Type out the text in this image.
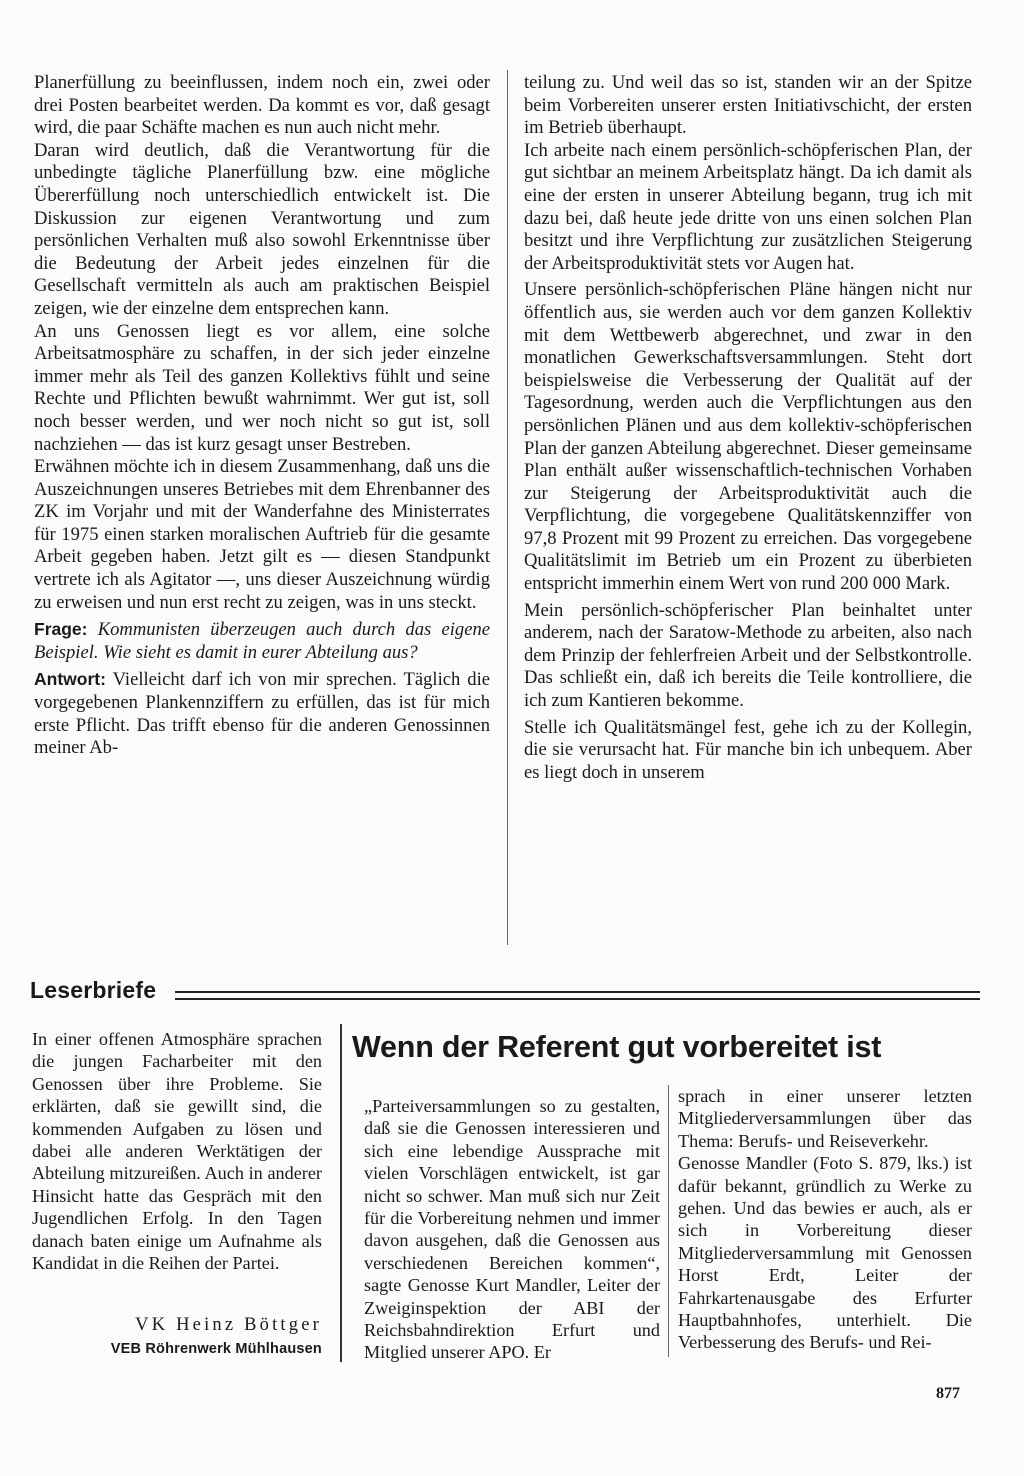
Planerfüllung zu beeinflussen, indem noch ein, zwei oder drei Posten bearbeitet werden. Da kommt es vor, daß gesagt wird, die paar Schäfte machen es nun auch nicht mehr.

Daran wird deutlich, daß die Verantwortung für die unbedingte tägliche Planerfüllung bzw. eine mögliche Übererfüllung noch unterschiedlich entwickelt ist. Die Diskussion zur eigenen Verantwortung und zum persönlichen Verhalten muß also sowohl Erkenntnisse über die Bedeutung der Arbeit jedes einzelnen für die Gesellschaft vermitteln als auch am praktischen Beispiel zeigen, wie der einzelne dem entsprechen kann.

An uns Genossen liegt es vor allem, eine solche Arbeitsatmosphäre zu schaffen, in der sich jeder einzelne immer mehr als Teil des ganzen Kollektivs fühlt und seine Rechte und Pflichten bewußt wahrnimmt. Wer gut ist, soll noch besser werden, und wer noch nicht so gut ist, soll nachziehen — das ist kurz gesagt unser Bestreben.

Erwähnen möchte ich in diesem Zusammenhang, daß uns die Auszeichnungen unseres Betriebes mit dem Ehrenbanner des ZK im Vorjahr und mit der Wanderfahne des Ministerrates für 1975 einen starken moralischen Auftrieb für die gesamte Arbeit gegeben haben. Jetzt gilt es — diesen Standpunkt vertrete ich als Agitator —, uns dieser Auszeichnung würdig zu erweisen und nun erst recht zu zeigen, was in uns steckt.

Frage: Kommunisten überzeugen auch durch das eigene Beispiel. Wie sieht es damit in eurer Abteilung aus?

Antwort: Vielleicht darf ich von mir sprechen. Täglich die vorgegebenen Plankennziffern zu erfüllen, das ist für mich erste Pflicht. Das trifft ebenso für die anderen Genossinnen meiner Ab-

teilung zu. Und weil das so ist, standen wir an der Spitze beim Vorbereiten unserer ersten Initiativschicht, der ersten im Betrieb überhaupt.

Ich arbeite nach einem persönlich-schöpferischen Plan, der gut sichtbar an meinem Arbeitsplatz hängt. Da ich damit als eine der ersten in unserer Abteilung begann, trug ich mit dazu bei, daß heute jede dritte von uns einen solchen Plan besitzt und ihre Verpflichtung zur zusätzlichen Steigerung der Arbeitsproduktivität stets vor Augen hat.

Unsere persönlich-schöpferischen Pläne hängen nicht nur öffentlich aus, sie werden auch vor dem ganzen Kollektiv mit dem Wettbewerb abgerechnet, und zwar in den monatlichen Gewerkschaftsversammlungen. Steht dort beispielsweise die Verbesserung der Qualität auf der Tagesordnung, werden auch die Verpflichtungen aus den persönlichen Plänen und aus dem kollektiv-schöpferischen Plan der ganzen Abteilung abgerechnet. Dieser gemeinsame Plan enthält außer wissenschaftlich-technischen Vorhaben zur Steigerung der Arbeitsproduktivität auch die Verpflichtung, die vorgegebene Qualitätskennziffer von 97,8 Prozent mit 99 Prozent zu erreichen. Das vorgegebene Qualitätslimit im Betrieb um ein Prozent zu überbieten entspricht immerhin einem Wert von rund 200 000 Mark.

Mein persönlich-schöpferischer Plan beinhaltet unter anderem, nach der Saratow-Methode zu arbeiten, also nach dem Prinzip der fehlerfreien Arbeit und der Selbstkontrolle. Das schließt ein, daß ich bereits die Teile kontrolliere, die ich zum Kantieren bekomme.

Stelle ich Qualitätsmängel fest, gehe ich zu der Kollegin, die sie verursacht hat. Für manche bin ich unbequem. Aber es liegt doch in unserem

Leserbriefe

In einer offenen Atmosphäre sprachen die jungen Facharbeiter mit den Genossen über ihre Probleme. Sie erklärten, daß sie gewillt sind, die kommenden Aufgaben zu lösen und dabei alle anderen Werktätigen der Abteilung mitzureißen. Auch in anderer Hinsicht hatte das Gespräch mit den Jugendlichen Erfolg. In den Tagen danach baten einige um Aufnahme als Kandidat in die Reihen der Partei.

VK Heinz Böttger
VEB Röhrenwerk Mühlhausen
Wenn der Referent gut vorbereitet ist

„Parteiversammlungen so zu gestalten, daß sie die Genossen interessieren und sich eine lebendige Aussprache mit vielen Vorschlägen entwickelt, ist gar nicht so schwer. Man muß sich nur Zeit für die Vorbereitung nehmen und immer davon ausgehen, daß die Genossen aus verschiedenen Bereichen kommen“, sagte Genosse Kurt Mandler, Leiter der Zweiginspektion der ABI der Reichsbahndirektion Erfurt und Mitglied unserer APO. Er

sprach in einer unserer letzten Mitgliederversammlungen über das Thema: Berufs- und Reiseverkehr.

Genosse Mandler (Foto S. 879, lks.) ist dafür bekannt, gründlich zu Werke zu gehen. Und das bewies er auch, als er sich in Vorbereitung dieser Mitgliederversammlung mit Genossen Horst Erdt, Leiter der Fahrkartenausgabe des Erfurter Hauptbahnhofes, unterhielt. Die Verbesserung des Berufs- und Rei-

877
